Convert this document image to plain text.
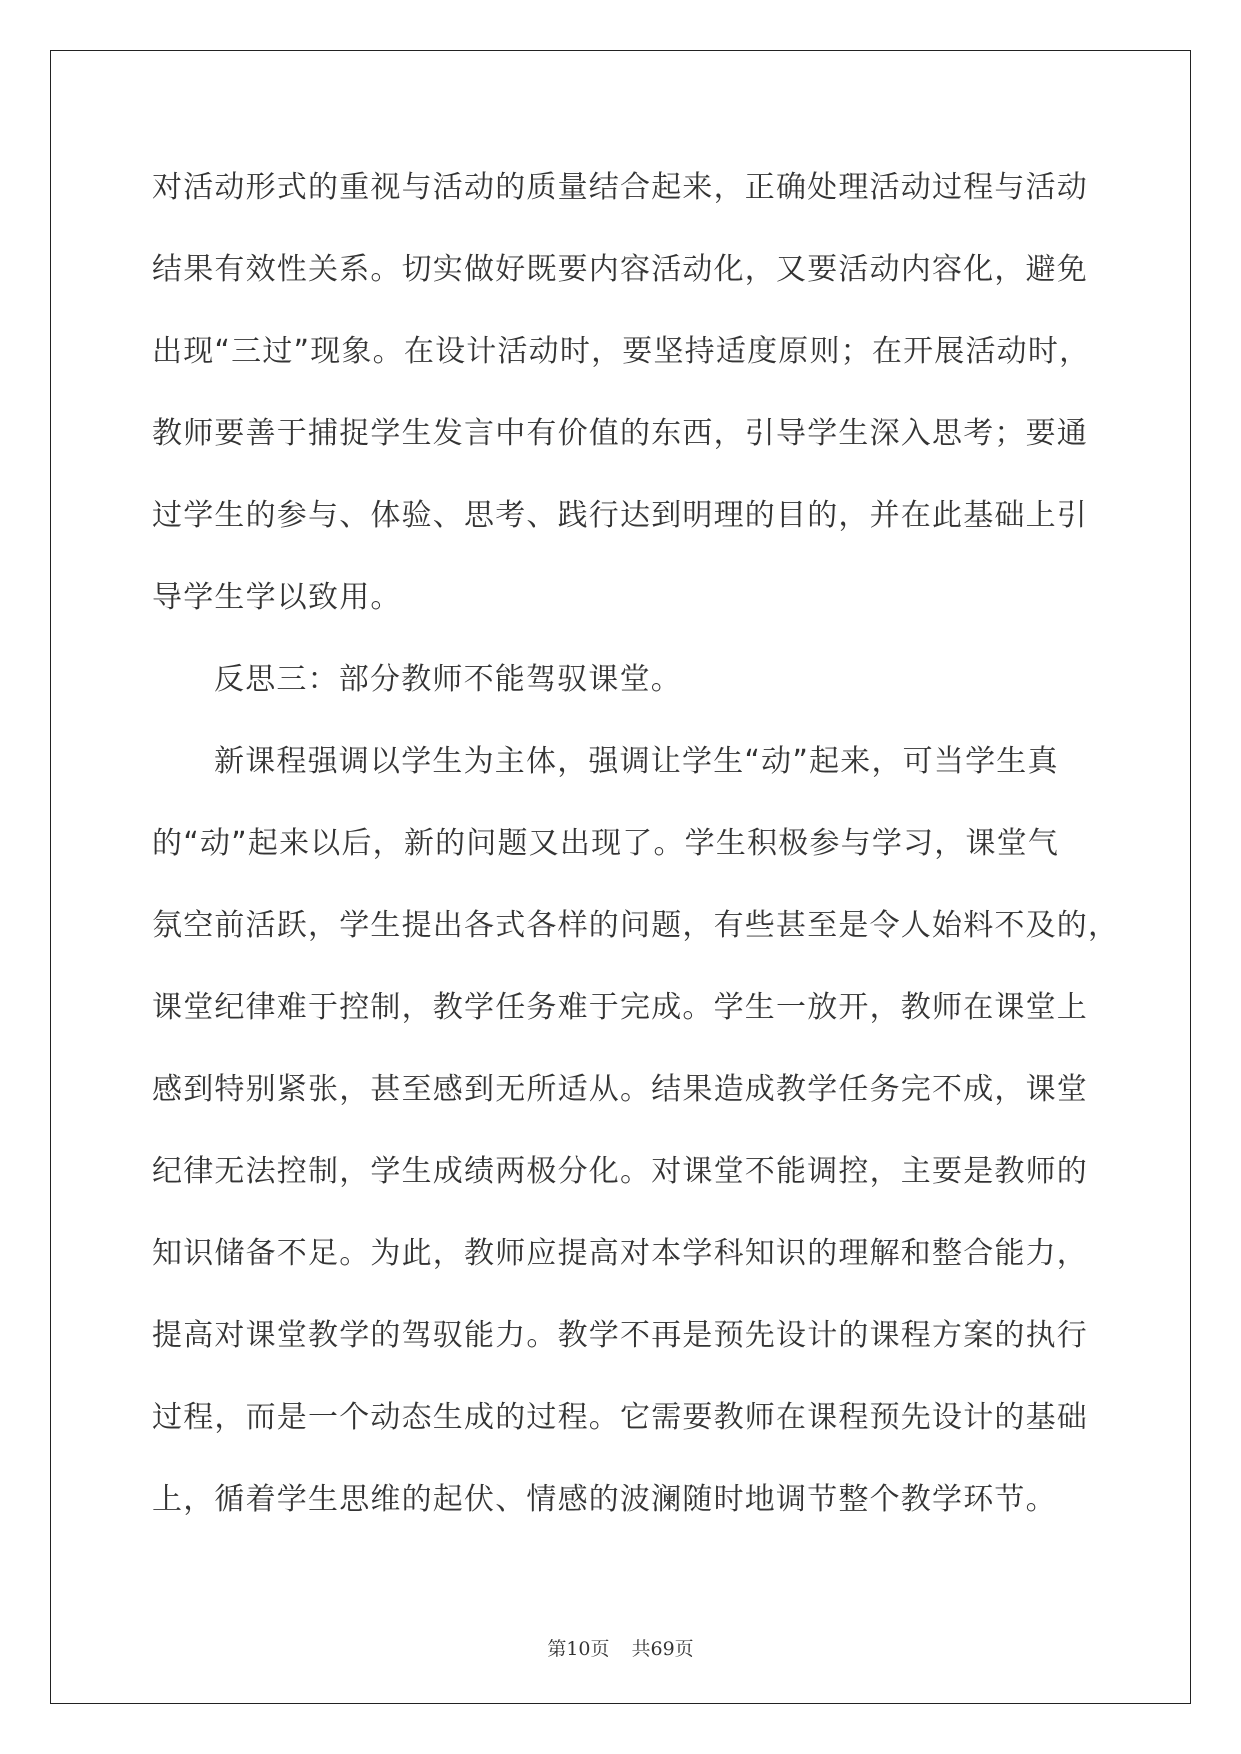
对活动形式的重视与活动的质量结合起来，正确处理活动过程与活动
结果有效性关系。切实做好既要内容活动化，又要活动内容化，避免
出现“三过”现象。在设计活动时，要坚持适度原则；在开展活动时，
教师要善于捕捉学生发言中有价值的东西，引导学生深入思考；要通
过学生的参与、体验、思考、践行达到明理的目的，并在此基础上引
导学生学以致用。
反思三：部分教师不能驾驭课堂。
新课程强调以学生为主体，强调让学生“动”起来，可当学生真
的“动”起来以后，新的问题又出现了。学生积极参与学习，课堂气
氛空前活跃，学生提出各式各样的问题，有些甚至是令人始料不及的，
课堂纪律难于控制，教学任务难于完成。学生一放开，教师在课堂上
感到特别紧张，甚至感到无所适从。结果造成教学任务完不成，课堂
纪律无法控制，学生成绩两极分化。对课堂不能调控，主要是教师的
知识储备不足。为此，教师应提高对本学科知识的理解和整合能力，
提高对课堂教学的驾驭能力。教学不再是预先设计的课程方案的执行
过程，而是一个动态生成的过程。它需要教师在课程预先设计的基础
上，循着学生思维的起伏、情感的波澜随时地调节整个教学环节。
第10页 共69页
